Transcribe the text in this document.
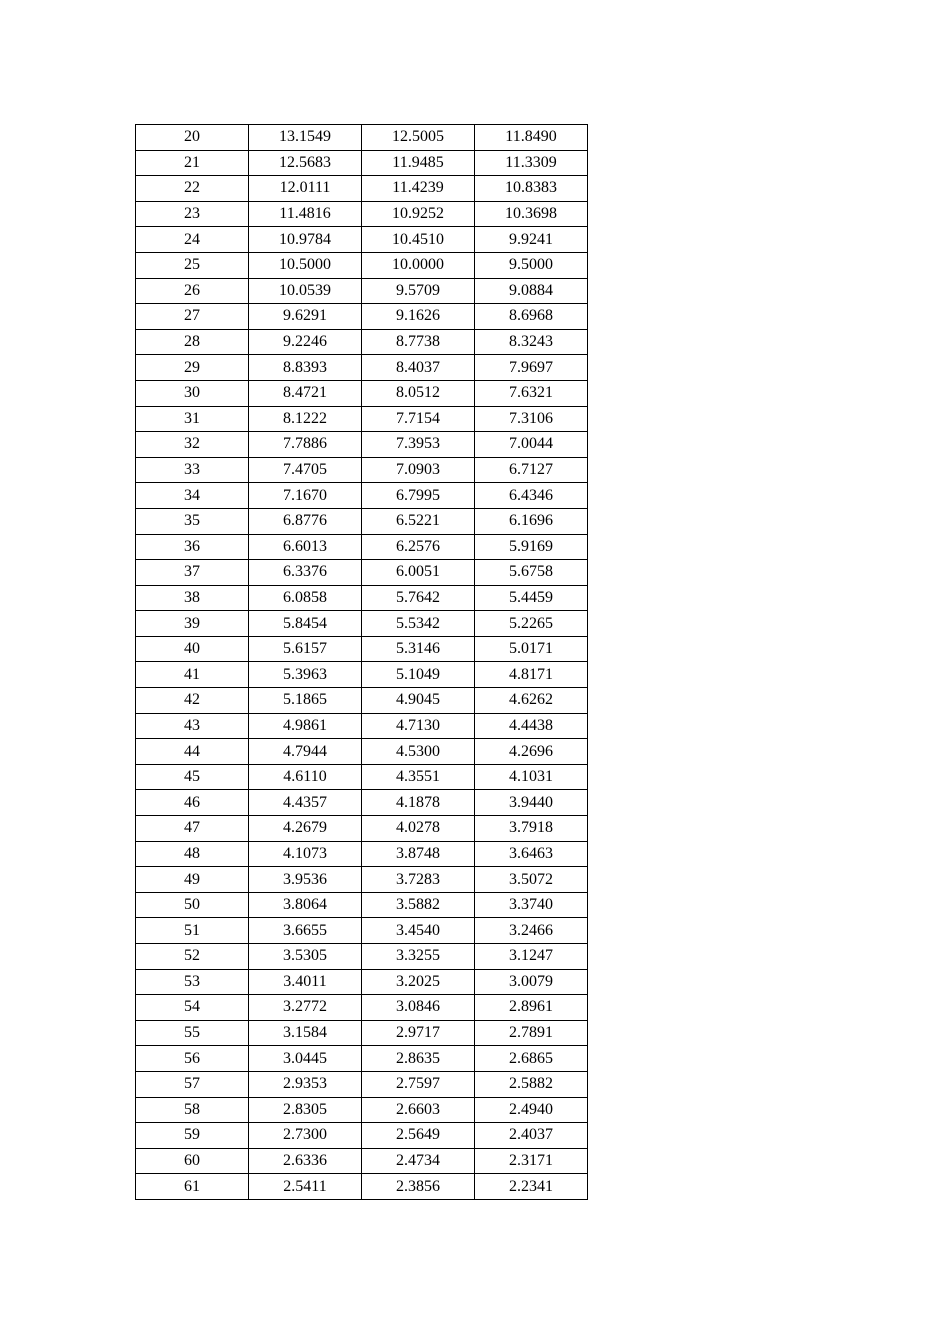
20	13.1549	12.5005	11.8490
21	12.5683	11.9485	11.3309
22	12.0111	11.4239	10.8383
23	11.4816	10.9252	10.3698
24	10.9784	10.4510	9.9241
25	10.5000	10.0000	9.5000
26	10.0539	9.5709	9.0884
27	9.6291	9.1626	8.6968
28	9.2246	8.7738	8.3243
29	8.8393	8.4037	7.9697
30	8.4721	8.0512	7.6321
31	8.1222	7.7154	7.3106
32	7.7886	7.3953	7.0044
33	7.4705	7.0903	6.7127
34	7.1670	6.7995	6.4346
35	6.8776	6.5221	6.1696
36	6.6013	6.2576	5.9169
37	6.3376	6.0051	5.6758
38	6.0858	5.7642	5.4459
39	5.8454	5.5342	5.2265
40	5.6157	5.3146	5.0171
41	5.3963	5.1049	4.8171
42	5.1865	4.9045	4.6262
43	4.9861	4.7130	4.4438
44	4.7944	4.5300	4.2696
45	4.6110	4.3551	4.1031
46	4.4357	4.1878	3.9440
47	4.2679	4.0278	3.7918
48	4.1073	3.8748	3.6463
49	3.9536	3.7283	3.5072
50	3.8064	3.5882	3.3740
51	3.6655	3.4540	3.2466
52	3.5305	3.3255	3.1247
53	3.4011	3.2025	3.0079
54	3.2772	3.0846	2.8961
55	3.1584	2.9717	2.7891
56	3.0445	2.8635	2.6865
57	2.9353	2.7597	2.5882
58	2.8305	2.6603	2.4940
59	2.7300	2.5649	2.4037
60	2.6336	2.4734	2.3171
61	2.5411	2.3856	2.2341
